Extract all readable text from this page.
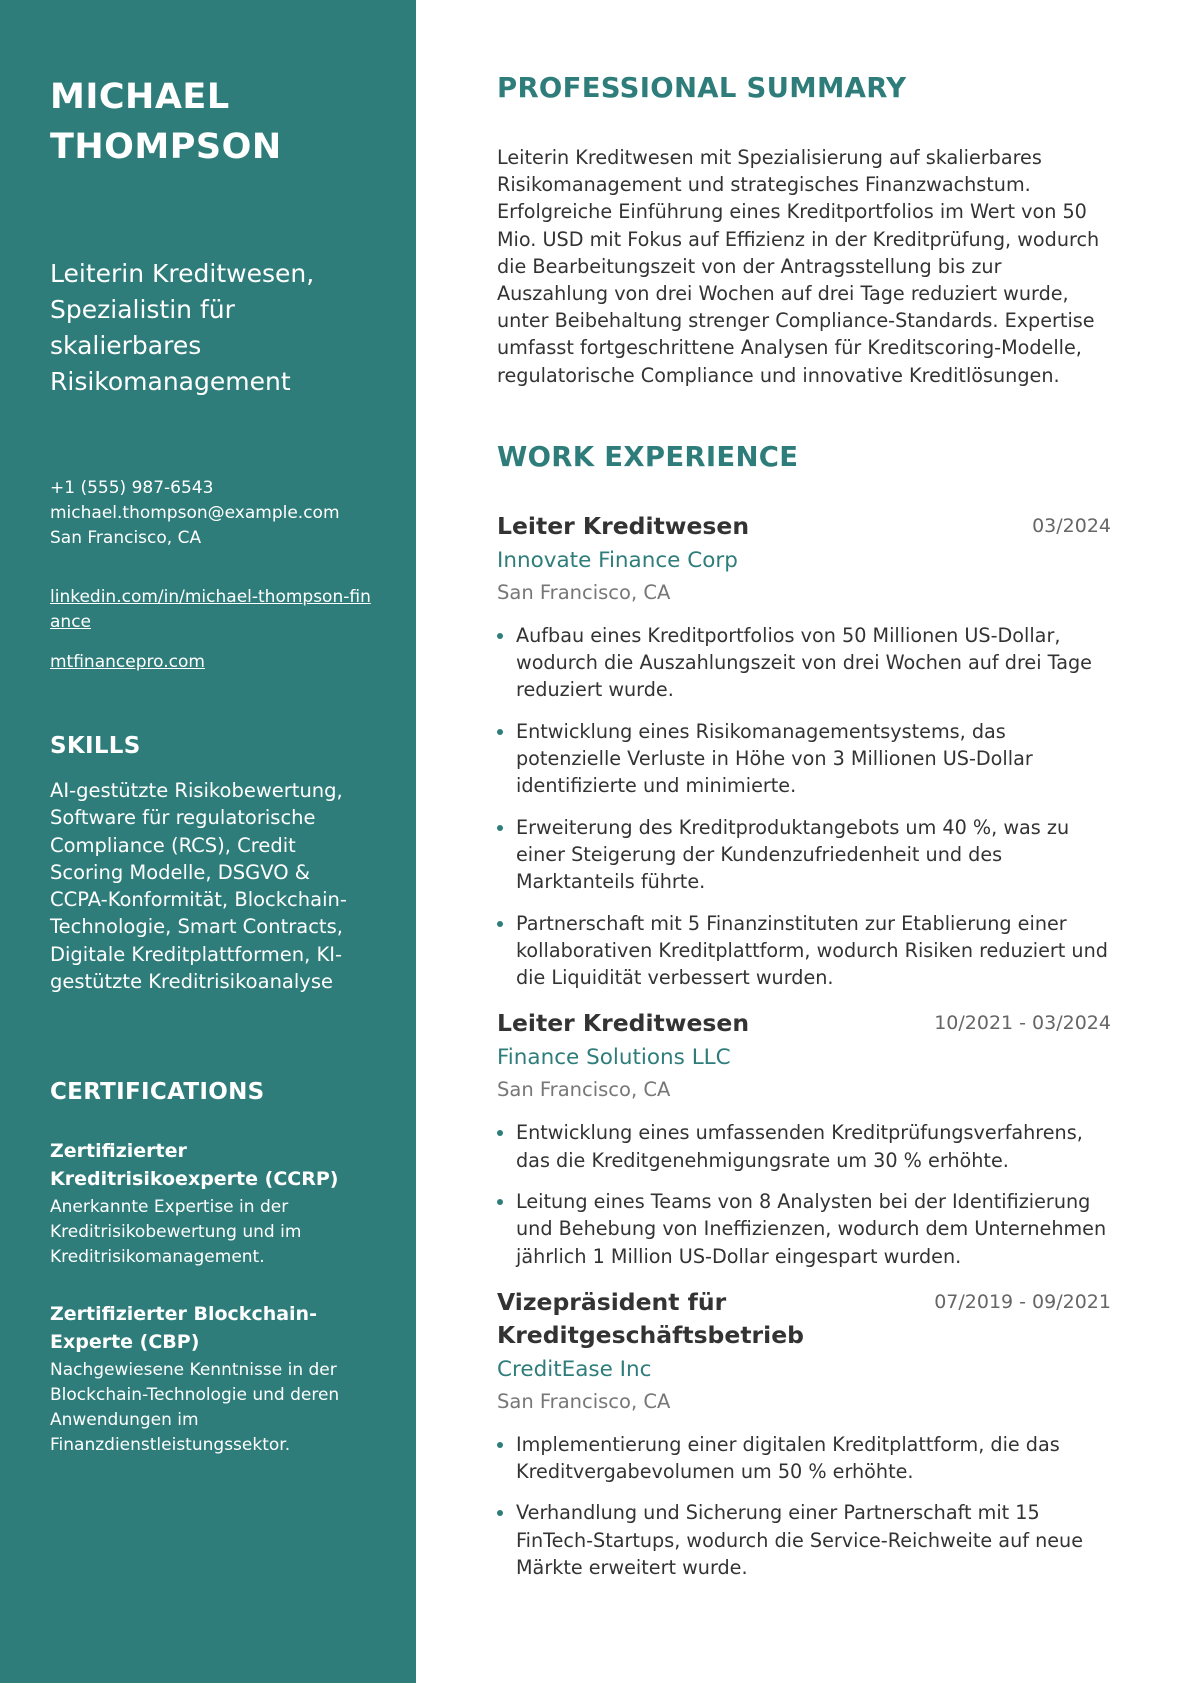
MICHAEL
THOMPSON
Leiterin Kreditwesen, Spezialistin für skalierbares Risikomanagement
+1 (555) 987-6543
michael.thompson@example.com
San Francisco, CA
linkedin.com/in/michael-thompson-finance
mtfinancepro.com
SKILLS
AI-gestützte Risikobewertung, Software für regulatorische Compliance (RCS), Credit Scoring Modelle, DSGVO & CCPA-Konformität, Blockchain-Technologie, Smart Contracts, Digitale Kreditplattformen, KI-gestützte Kreditrisikoanalyse
CERTIFICATIONS
Zertifizierter Kreditrisikoexperte (CCRP)
Anerkannte Expertise in der Kreditrisikobewertung und im Kreditrisikomanagement.
Zertifizierter Blockchain-Experte (CBP)
Nachgewiesene Kenntnisse in der Blockchain-Technologie und deren Anwendungen im Finanzdienstleistungssektor.
PROFESSIONAL SUMMARY

Leiterin Kreditwesen mit Spezialisierung auf skalierbares Risikomanagement und strategisches Finanzwachstum. Erfolgreiche Einführung eines Kreditportfolios im Wert von 50 Mio. USD mit Fokus auf Effizienz in der Kreditprüfung, wodurch die Bearbeitungszeit von der Antragsstellung bis zur Auszahlung von drei Wochen auf drei Tage reduziert wurde, unter Beibehaltung strenger Compliance-Standards. Expertise umfasst fortgeschrittene Analysen für Kreditscoring-Modelle, regulatorische Compliance und innovative Kreditlösungen.

WORK EXPERIENCE
Leiter Kreditwesen	03/2024
Innovate Finance Corp
San Francisco, CA
Aufbau eines Kreditportfolios von 50 Millionen US-Dollar, wodurch die Auszahlungszeit von drei Wochen auf drei Tage reduziert wurde.
Entwicklung eines Risikomanagementsystems, das potenzielle Verluste in Höhe von 3 Millionen US-Dollar identifizierte und minimierte.
Erweiterung des Kreditproduktangebots um 40 %, was zu einer Steigerung der Kundenzufriedenheit und des Marktanteils führte.
Partnerschaft mit 5 Finanzinstituten zur Etablierung einer kollaborativen Kreditplattform, wodurch Risiken reduziert und die Liquidität verbessert wurden.
Leiter Kreditwesen	10/2021 - 03/2024
Finance Solutions LLC
San Francisco, CA
Entwicklung eines umfassenden Kreditprüfungsverfahrens, das die Kreditgenehmigungsrate um 30 % erhöhte.
Leitung eines Teams von 8 Analysten bei der Identifizierung und Behebung von Ineffizienzen, wodurch dem Unternehmen jährlich 1 Million US-Dollar eingespart wurden.
Vizepräsident für Kreditgeschäftsbetrieb
07/2019 - 09/2021
CreditEase Inc
San Francisco, CA
Implementierung einer digitalen Kreditplattform, die das Kreditvergabevolumen um 50 % erhöhte.
Verhandlung und Sicherung einer Partnerschaft mit 15 FinTech-Startups, wodurch die Service-Reichweite auf neue Märkte erweitert wurde.
